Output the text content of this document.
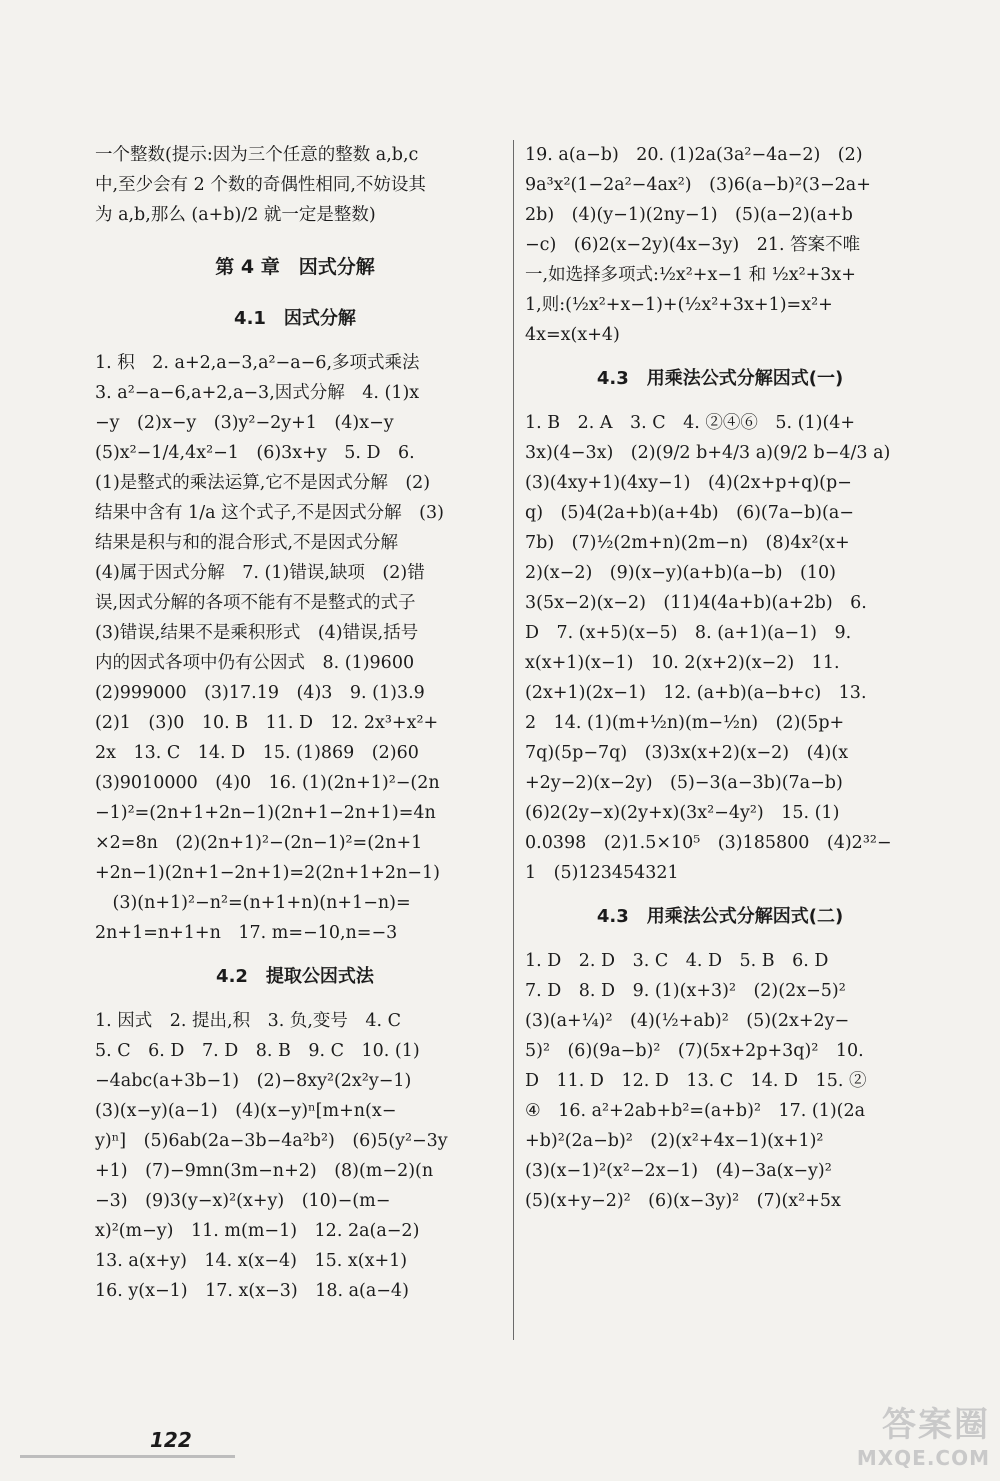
一个整数(提示:因为三个任意的整数 a,b,c
中,至少会有 2 个数的奇偶性相同,不妨设其
为 a,b,那么 (a+b)/2 就一定是整数)
第 4 章　因式分解
4.1　因式分解
1. 积　2. a+2,a−3,a²−a−6,多项式乘法
3. a²−a−6,a+2,a−3,因式分解　4. (1)x
−y　(2)x−y　(3)y²−2y+1　(4)x−y
(5)x²−1/4,4x²−1　(6)3x+y　5. D　6.
(1)是整式的乘法运算,它不是因式分解　(2)
结果中含有 1/a 这个式子,不是因式分解　(3)
结果是积与和的混合形式,不是因式分解
(4)属于因式分解　7. (1)错误,缺项　(2)错
误,因式分解的各项不能有不是整式的式子
(3)错误,结果不是乘积形式　(4)错误,括号
内的因式各项中仍有公因式　8. (1)9600
(2)999000　(3)17.19　(4)3　9. (1)3.9
(2)1　(3)0　10. B　11. D　12. 2x³+x²+
2x　13. C　14. D　15. (1)869　(2)60
(3)9010000　(4)0　16. (1)(2n+1)²−(2n
−1)²=(2n+1+2n−1)(2n+1−2n+1)=4n
×2=8n　(2)(2n+1)²−(2n−1)²=(2n+1
+2n−1)(2n+1−2n+1)=2(2n+1+2n−1)
　(3)(n+1)²−n²=(n+1+n)(n+1−n)=
2n+1=n+1+n　17. m=−10,n=−3
4.2　提取公因式法
1. 因式　2. 提出,积　3. 负,变号　4. C
5. C　6. D　7. D　8. B　9. C　10. (1)
−4abc(a+3b−1)　(2)−8xy²(2x²y−1)
(3)(x−y)(a−1)　(4)(x−y)ⁿ[m+n(x−
y)ⁿ]　(5)6ab(2a−3b−4a²b²)　(6)5(y²−3y
+1)　(7)−9mn(3m−n+2)　(8)(m−2)(n
−3)　(9)3(y−x)²(x+y)　(10)−(m−
x)²(m−y)　11. m(m−1)　12. 2a(a−2)
13. a(x+y)　14. x(x−4)　15. x(x+1)
16. y(x−1)　17. x(x−3)　18. a(a−4)
19. a(a−b)　20. (1)2a(3a²−4a−2)　(2)
9a³x²(1−2a²−4ax²)　(3)6(a−b)²(3−2a+
2b)　(4)(y−1)(2ny−1)　(5)(a−2)(a+b
−c)　(6)2(x−2y)(4x−3y)　21. 答案不唯
一,如选择多项式:½x²+x−1 和 ½x²+3x+
1,则:(½x²+x−1)+(½x²+3x+1)=x²+
4x=x(x+4)
4.3　用乘法公式分解因式(一)
1. B　2. A　3. C　4. ②④⑥　5. (1)(4+
3x)(4−3x)　(2)(9/2 b+4/3 a)(9/2 b−4/3 a)
(3)(4xy+1)(4xy−1)　(4)(2x+p+q)(p−
q)　(5)4(2a+b)(a+4b)　(6)(7a−b)(a−
7b)　(7)½(2m+n)(2m−n)　(8)4x²(x+
2)(x−2)　(9)(x−y)(a+b)(a−b)　(10)
3(5x−2)(x−2)　(11)4(4a+b)(a+2b)　6.
D　7. (x+5)(x−5)　8. (a+1)(a−1)　9.
x(x+1)(x−1)　10. 2(x+2)(x−2)　11.
(2x+1)(2x−1)　12. (a+b)(a−b+c)　13.
2　14. (1)(m+½n)(m−½n)　(2)(5p+
7q)(5p−7q)　(3)3x(x+2)(x−2)　(4)(x
+2y−2)(x−2y)　(5)−3(a−3b)(7a−b)
(6)2(2y−x)(2y+x)(3x²−4y²)　15. (1)
0.0398　(2)1.5×10⁵　(3)185800　(4)2³²−
1　(5)123454321
4.3　用乘法公式分解因式(二)
1. D　2. D　3. C　4. D　5. B　6. D
7. D　8. D　9. (1)(x+3)²　(2)(2x−5)²
(3)(a+¼)²　(4)(½+ab)²　(5)(2x+2y−
5)²　(6)(9a−b)²　(7)(5x+2p+3q)²　10.
D　11. D　12. D　13. C　14. D　15. ②
④　16. a²+2ab+b²=(a+b)²　17. (1)(2a
+b)²(2a−b)²　(2)(x²+4x−1)(x+1)²
(3)(x−1)²(x²−2x−1)　(4)−3a(x−y)²
(5)(x+y−2)²　(6)(x−3y)²　(7)(x²+5x
122	答案圈
MXQE.COM
